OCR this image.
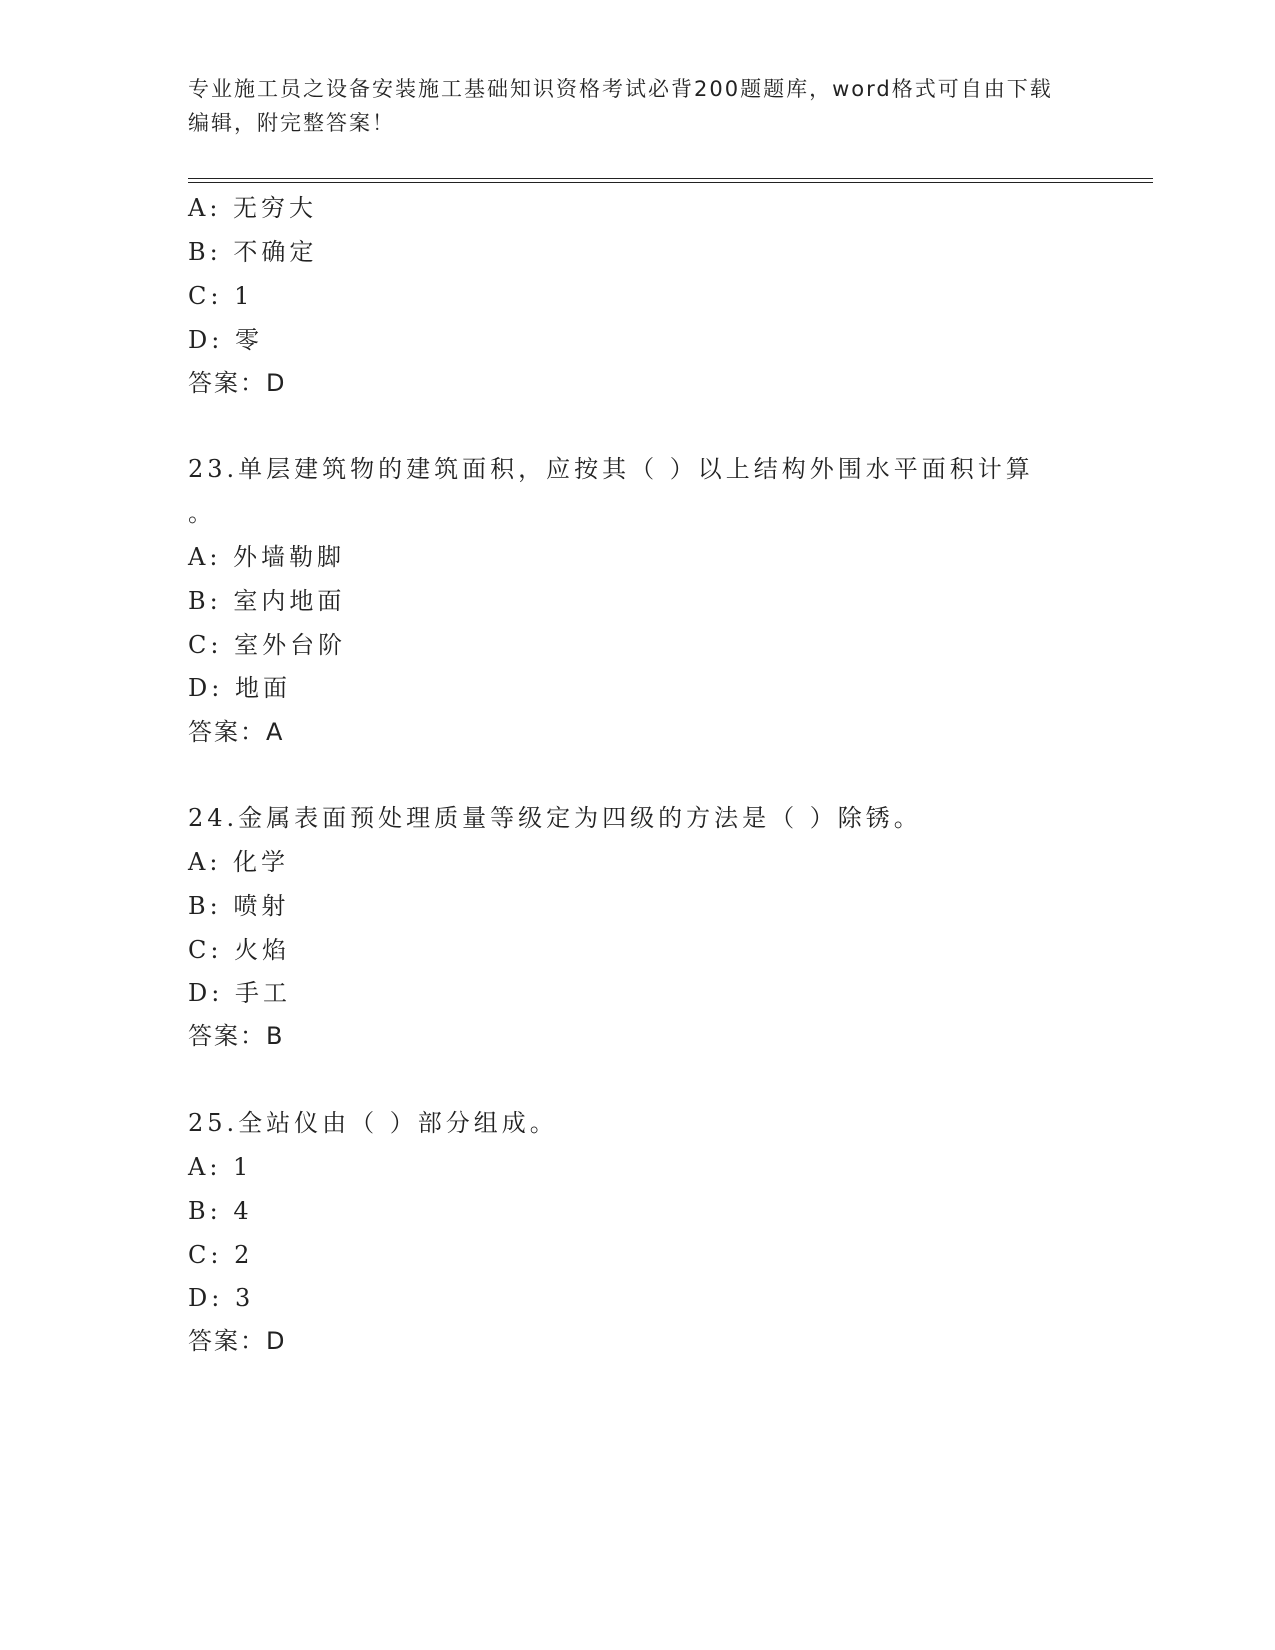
专业施工员之设备安装施工基础知识资格考试必背200题题库，word格式可自由下载编辑，附完整答案！
A: 无穷大
B: 不确定
C: 1
D: 零
答案：D
23.单层建筑物的建筑面积，应按其（ ）以上结构外围水平面积计算
。
A: 外墙勒脚
B: 室内地面
C: 室外台阶
D: 地面
答案：A
24.金属表面预处理质量等级定为四级的方法是（ ）除锈。
A: 化学
B: 喷射
C: 火焰
D: 手工
答案：B
25.全站仪由（ ）部分组成。
A: 1
B: 4
C: 2
D: 3
答案：D
